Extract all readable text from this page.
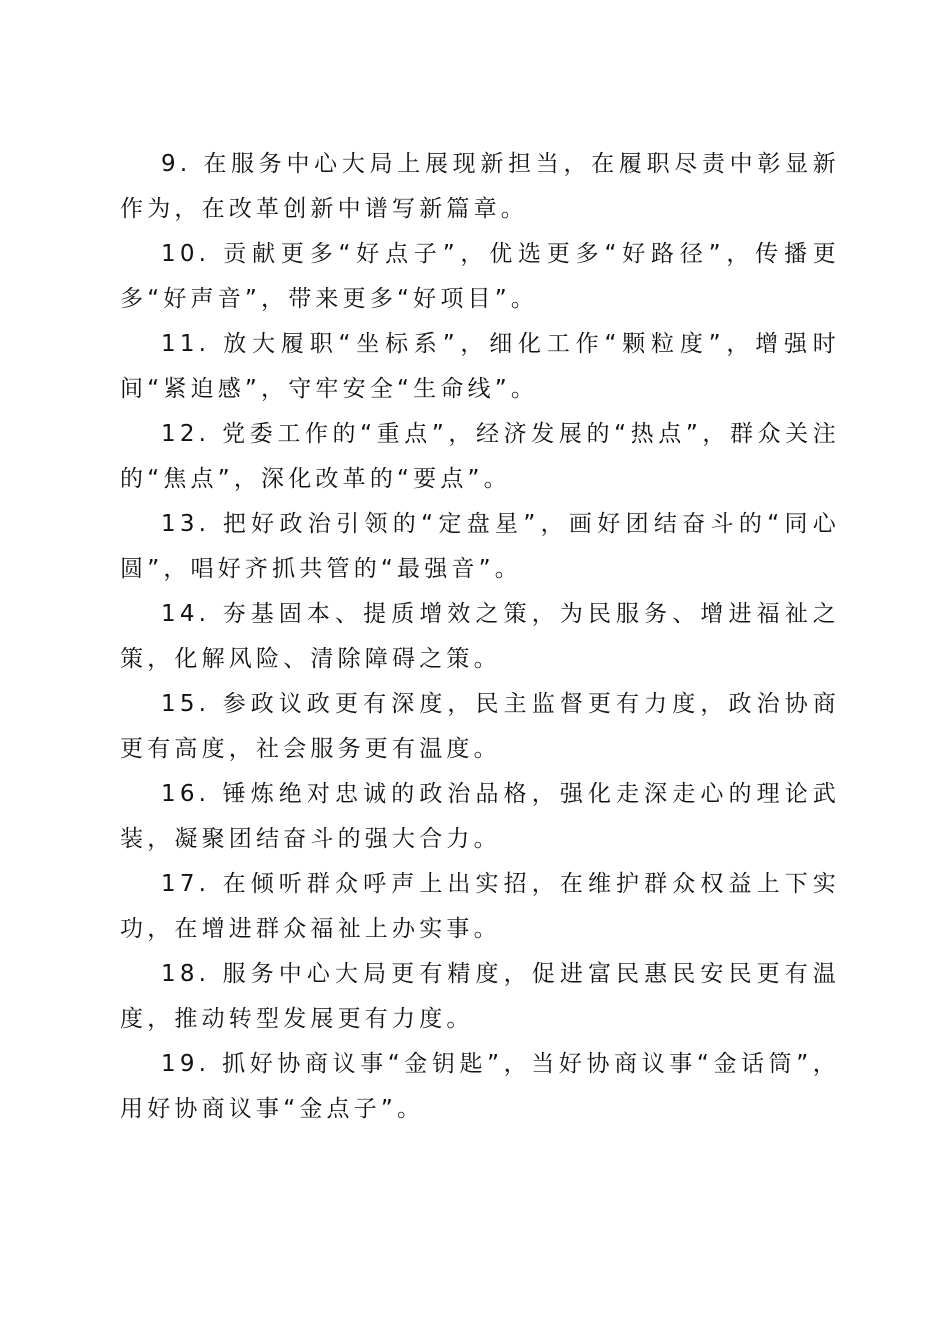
9. 在服务中心大局上展现新担当，在履职尽责中彰显新作为，在改革创新中谱写新篇章。

10. 贡献更多“好点子”，优选更多“好路径”，传播更多“好声音”，带来更多“好项目”。

11. 放大履职“坐标系”，细化工作“颗粒度”，增强时间“紧迫感”，守牢安全“生命线”。

12. 党委工作的“重点”，经济发展的“热点”，群众关注的“焦点”，深化改革的“要点”。

13. 把好政治引领的“定盘星”，画好团结奋斗的“同心圆”，唱好齐抓共管的“最强音”。

14. 夯基固本、提质增效之策，为民服务、增进福祉之策，化解风险、清除障碍之策。

15. 参政议政更有深度，民主监督更有力度，政治协商更有高度，社会服务更有温度。

16. 锤炼绝对忠诚的政治品格，强化走深走心的理论武装，凝聚团结奋斗的强大合力。

17. 在倾听群众呼声上出实招，在维护群众权益上下实功，在增进群众福祉上办实事。

18. 服务中心大局更有精度，促进富民惠民安民更有温度，推动转型发展更有力度。

19. 抓好协商议事“金钥匙”，当好协商议事“金话筒”，用好协商议事“金点子”。
